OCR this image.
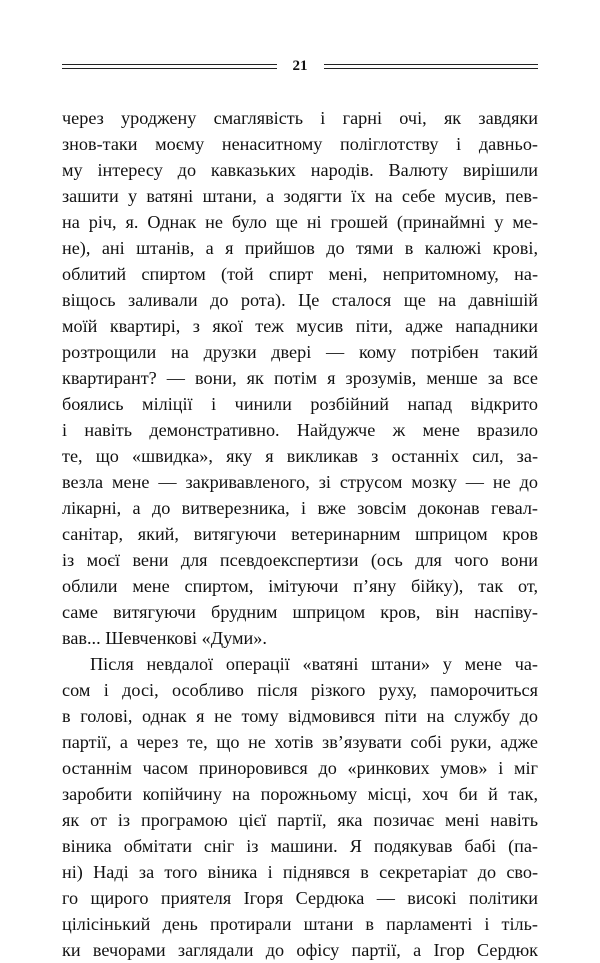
21
через уроджену смаглявість і гарні очі, як завдяки
знов-таки моєму ненаситному поліглотству і давньо-
му інтересу до кавказьких народів. Валюту вирішили
зашити у ватяні штани, а зодягти їх на себе мусив, пев-
на річ, я. Однак не було ще ні грошей (принаймні у ме-
не), ані штанів, а я прийшов до тями в калюжі крові,
облитий спиртом (той спирт мені, непритомному, на-
віщось заливали до рота). Це сталося ще на давнішій
моїй квартирі, з якої теж мусив піти, адже нападники
розтрощили на друзки двері — кому потрібен такий
квартирант? — вони, як потім я зрозумів, менше за все
боялись міліції і чинили розбійний напад відкрито
і навіть демонстративно. Найдужче ж мене вразило
те, що «швидка», яку я викликав з останніх сил, за-
везла мене — закривавленого, зі струсом мозку — не до
лікарні, а до витверезника, і вже зовсім доконав гевал-
санітар, який, витягуючи ветеринарним шприцом кров
із моєї вени для псевдоекспертизи (ось для чого вони
облили мене спиртом, імітуючи п’яну бійку), так от,
саме витягуючи брудним шприцом кров, він наспіву-
вав... Шевченкові «Думи».
Після невдалої операції «ватяні штани» у мене ча-
сом і досі, особливо після різкого руху, паморочиться
в голові, однак я не тому відмовився піти на службу до
партії, а через те, що не хотів зв’язувати собі руки, адже
останнім часом приноровився до «ринкових умов» і міг
заробити копійчину на порожньому місці, хоч би й так,
як от із програмою цієї партії, яка позичає мені навіть
віника обмітати сніг із машини. Я подякував бабі (па-
ні) Наді за того віника і піднявся в секретаріат до сво-
го щирого приятеля Ігоря Сердюка — високі політики
цілісінький день протирали штани в парламенті і тіль-
ки вечорами заглядали до офісу партії, а Ігор Сердюк
